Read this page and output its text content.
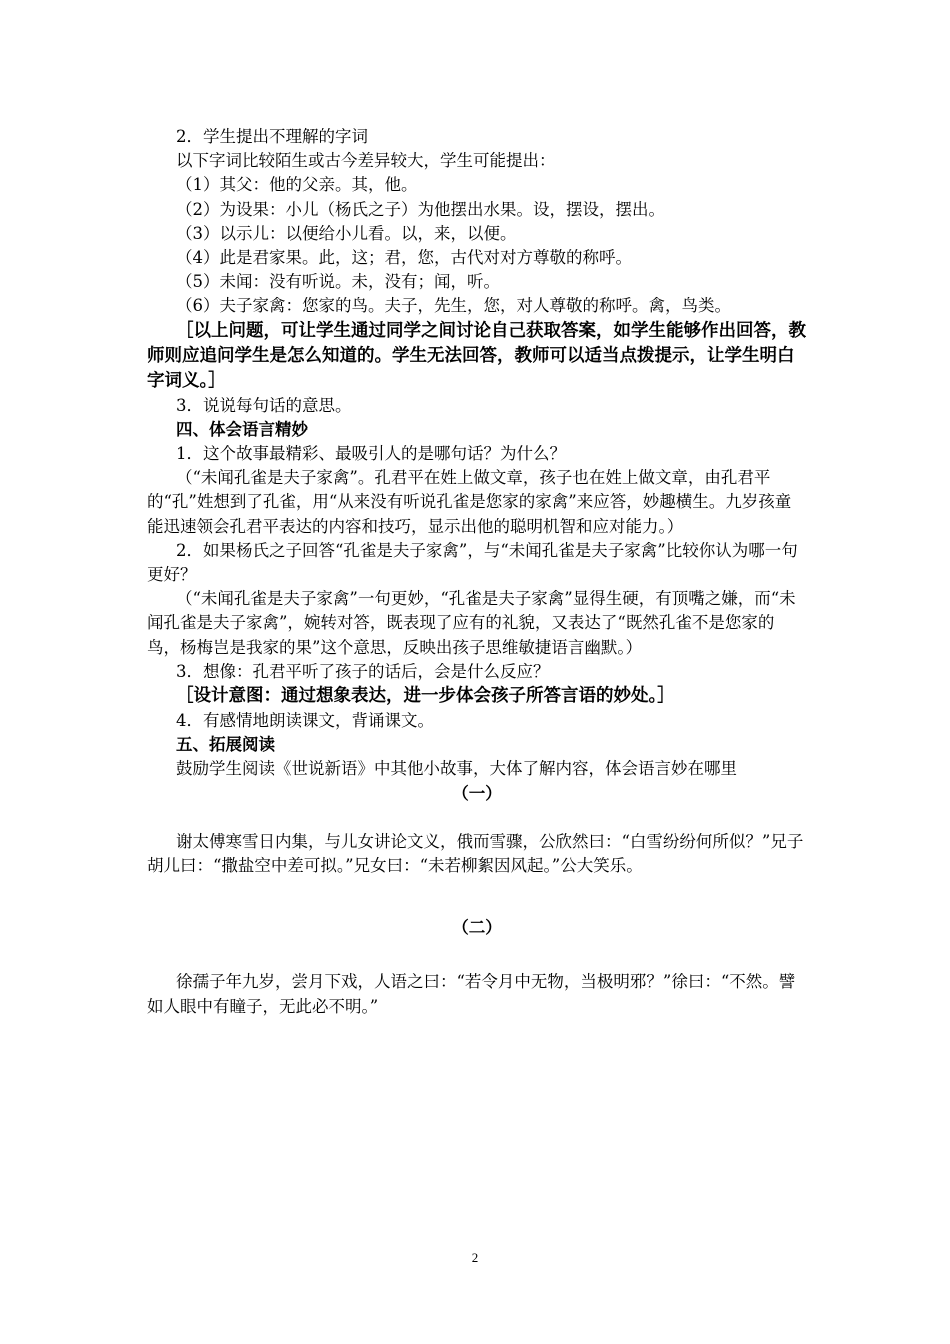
2．学生提出不理解的字词

以下字词比较陌生或古今差异较大，学生可能提出：

（1）其父：他的父亲。其，他。

（2）为设果：小儿（杨氏之子）为他摆出水果。设，摆设，摆出。

（3）以示儿：以便给小儿看。以，来，以便。

（4）此是君家果。此，这；君，您，古代对对方尊敬的称呼。

（5）未闻：没有听说。未，没有；闻，听。

（6）夫子家禽：您家的鸟。夫子，先生，您，对人尊敬的称呼。禽，鸟类。

［以上问题，可让学生通过同学之间讨论自己获取答案，如学生能够作出回答，教师则应追问学生是怎么知道的。学生无法回答，教师可以适当点拨提示，让学生明白字词义。］

3．说说每句话的意思。

四、体会语言精妙

1．这个故事最精彩、最吸引人的是哪句话？为什么？

（“未闻孔雀是夫子家禽”。孔君平在姓上做文章，孩子也在姓上做文章，由孔君平的“孔”姓想到了孔雀，用“从来没有听说孔雀是您家的家禽”来应答，妙趣横生。九岁孩童能迅速领会孔君平表达的内容和技巧，显示出他的聪明机智和应对能力。）

2．如果杨氏之子回答“孔雀是夫子家禽”，与“未闻孔雀是夫子家禽”比较你认为哪一句更好？

（“未闻孔雀是夫子家禽”一句更妙，“孔雀是夫子家禽”显得生硬，有顶嘴之嫌，而“未闻孔雀是夫子家禽”，婉转对答，既表现了应有的礼貌，又表达了“既然孔雀不是您家的鸟，杨梅岂是我家的果”这个意思，反映出孩子思维敏捷语言幽默。）

3．想像：孔君平听了孩子的话后，会是什么反应？

［设计意图：通过想象表达，进一步体会孩子所答言语的妙处。］

4．有感情地朗读课文，背诵课文。

五、拓展阅读

鼓励学生阅读《世说新语》中其他小故事，大体了解内容，体会语言妙在哪里

（一）

谢太傅寒雪日内集，与儿女讲论文义，俄而雪骤，公欣然曰：“白雪纷纷何所似？”兄子胡儿曰：“撒盐空中差可拟。”兄女曰：“未若柳絮因风起。”公大笑乐。

（二）

徐孺子年九岁，尝月下戏，人语之曰：“若令月中无物，当极明邪？”徐曰：“不然。譬如人眼中有瞳子，无此必不明。”

2
